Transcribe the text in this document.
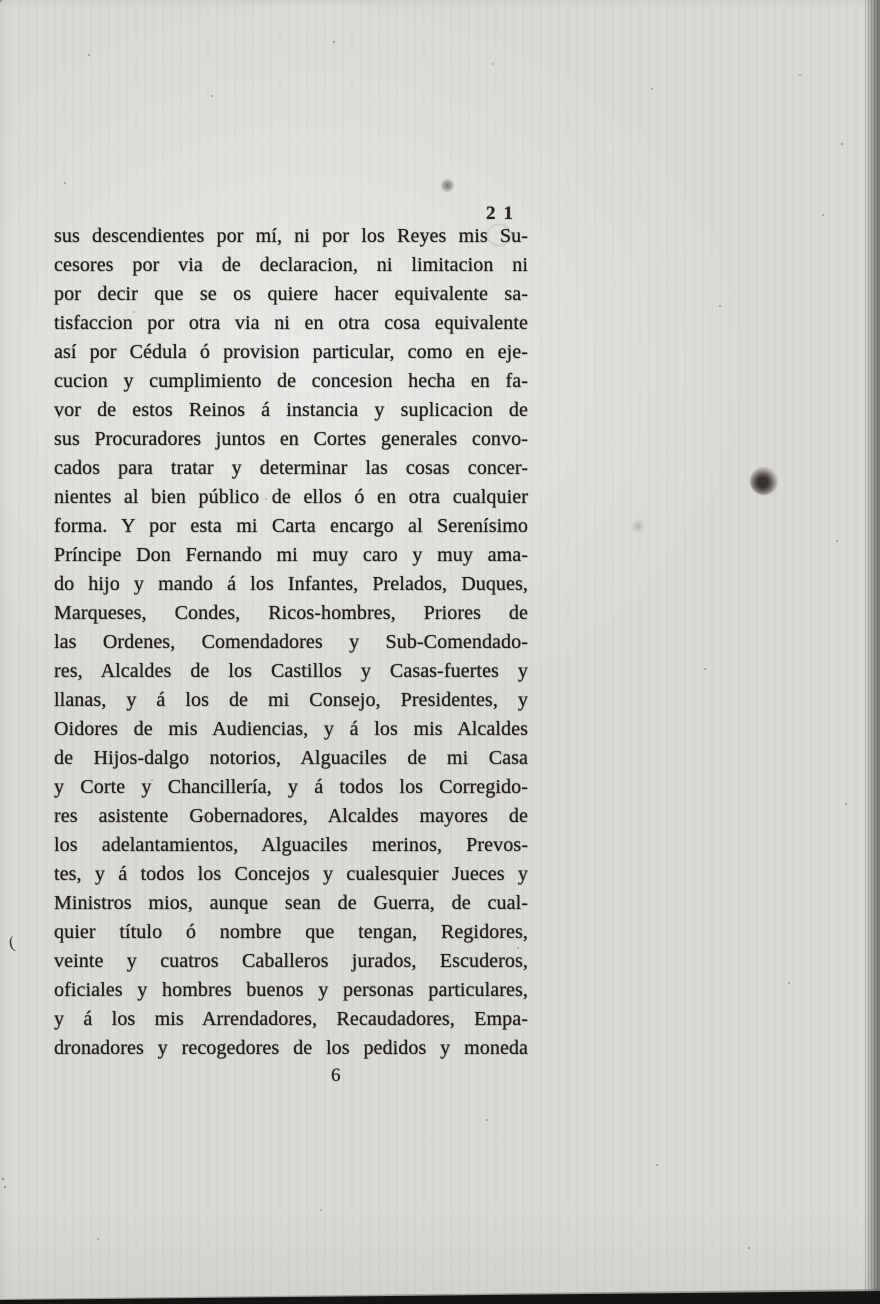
21
(
sus descendientes por mí, ni por los Reyes mis Su-
cesores por via de declaracion, ni limitacion ni
por decir que se os quiere hacer equivalente sa-
tisfaccion por otra via ni en otra cosa equivalente
así por Cédula ó provision particular, como en eje-
cucion y cumplimiento de concesion hecha en fa-
vor de estos Reinos á instancia y suplicacion de
sus Procuradores juntos en Cortes generales convo-
cados para tratar y determinar las cosas concer-
nientes al bien público de ellos ó en otra cualquier
forma. Y por esta mi Carta encargo al Serenísimo
Príncipe Don Fernando mi muy caro y muy ama-
do hijo y mando á los Infantes, Prelados, Duques,
Marqueses, Condes, Ricos-hombres, Priores de
las Ordenes, Comendadores y Sub-Comendado-
res, Alcaldes de los Castillos y Casas-fuertes y
llanas, y á los de mi Consejo, Presidentes, y
Oidores de mis Audiencias, y á los mis Alcaldes
de Hijos-dalgo notorios, Alguaciles de mi Casa
y Corte y Chancillería, y á todos los Corregido-
res asistente Gobernadores, Alcaldes mayores de
los adelantamientos, Alguaciles merinos, Prevos-
tes, y á todos los Concejos y cualesquier Jueces y
Ministros mios, aunque sean de Guerra, de cual-
quier título ó nombre que tengan, Regidores,
veinte y cuatros Caballeros jurados, Escuderos,
oficiales y hombres buenos y personas particulares,
y á los mis Arrendadores, Recaudadores, Empa-
dronadores y recogedores de los pedidos y moneda
6
